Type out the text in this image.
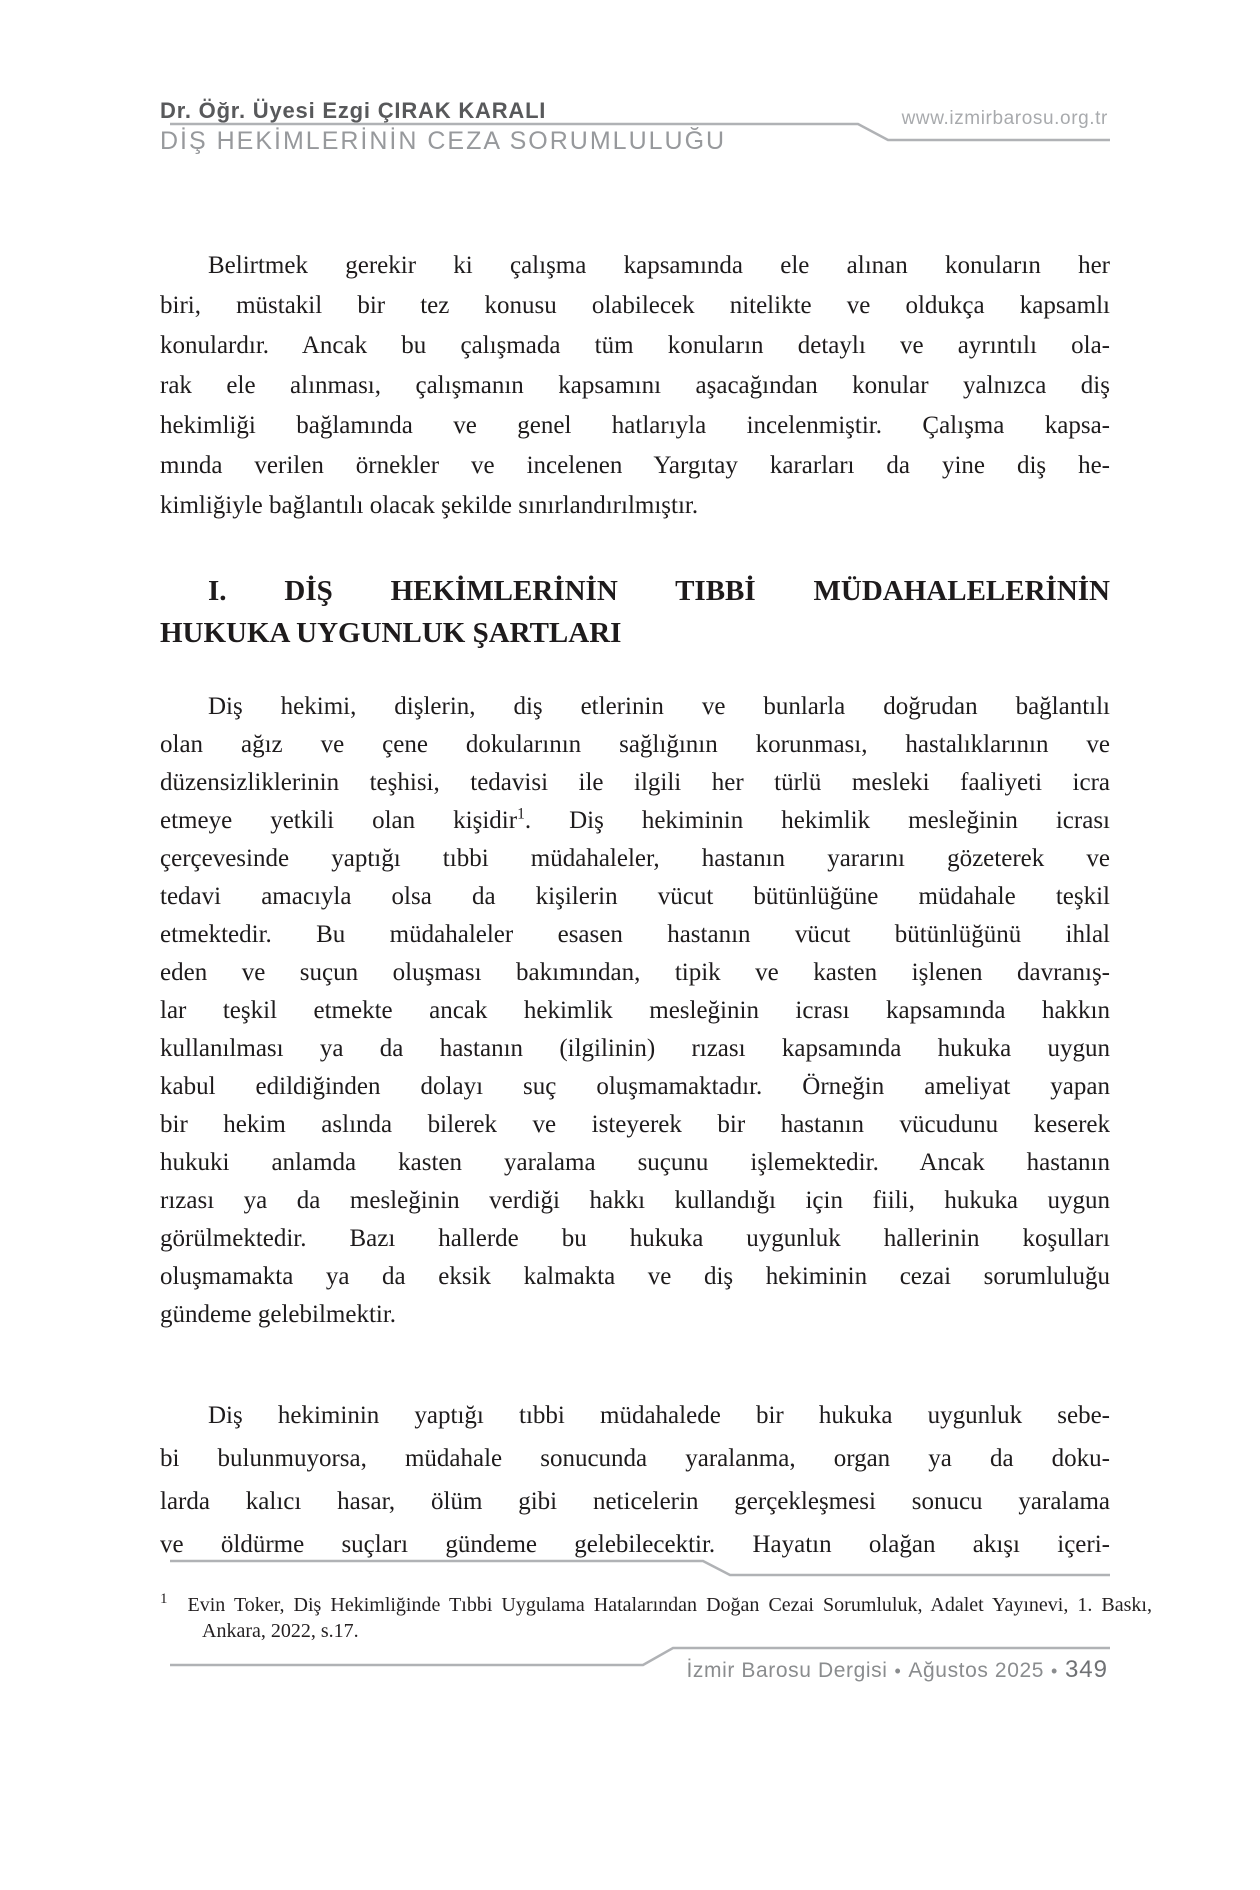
Dr. Öğr. Üyesi Ezgi ÇIRAK KARALI
DİŞ HEKİMLERİNİN CEZA SORUMLULUĞU
www.izmirbarosu.org.tr
Belirtmek gerekir ki çalışma kapsamında ele alınan konuların her
biri, müstakil bir tez konusu olabilecek nitelikte ve oldukça kapsamlı
konulardır. Ancak bu çalışmada tüm konuların detaylı ve ayrıntılı ola-
rak ele alınması, çalışmanın kapsamını aşacağından konular yalnızca diş
hekimliği bağlamında ve genel hatlarıyla incelenmiştir. Çalışma kapsa-
mında verilen örnekler ve incelenen Yargıtay kararları da yine diş he-
kimliğiyle bağlantılı olacak şekilde sınırlandırılmıştır.
I. DİŞ HEKİMLERİNİN TIBBİ MÜDAHALELERİNİN
HUKUKA UYGUNLUK ŞARTLARI
Diş hekimi, dişlerin, diş etlerinin ve bunlarla doğrudan bağlantılı
olan ağız ve çene dokularının sağlığının korunması, hastalıklarının ve
düzensizliklerinin teşhisi, tedavisi ile ilgili her türlü mesleki faaliyeti icra
etmeye yetkili olan kişidir$^1$. Diş hekiminin hekimlik mesleğinin icrası
çerçevesinde yaptığı tıbbi müdahaleler, hastanın yararını gözeterek ve
tedavi amacıyla olsa da kişilerin vücut bütünlüğüne müdahale teşkil
etmektedir. Bu müdahaleler esasen hastanın vücut bütünlüğünü ihlal
eden ve suçun oluşması bakımından, tipik ve kasten işlenen davranış-
lar teşkil etmekte ancak hekimlik mesleğinin icrası kapsamında hakkın
kullanılması ya da hastanın (ilgilinin) rızası kapsamında hukuka uygun
kabul edildiğinden dolayı suç oluşmamaktadır. Örneğin ameliyat yapan
bir hekim aslında bilerek ve isteyerek bir hastanın vücudunu keserek
hukuki anlamda kasten yaralama suçunu işlemektedir. Ancak hastanın
rızası ya da mesleğinin verdiği hakkı kullandığı için fiili, hukuka uygun
görülmektedir. Bazı hallerde bu hukuka uygunluk hallerinin koşulları
oluşmamakta ya da eksik kalmakta ve diş hekiminin cezai sorumluluğu
gündeme gelebilmektir.
Diş hekiminin yaptığı tıbbi müdahalede bir hukuka uygunluk sebe-
bi bulunmuyorsa, müdahale sonucunda yaralanma, organ ya da doku-
larda kalıcı hasar, ölüm gibi neticelerin gerçekleşmesi sonucu yaralama
ve öldürme suçları gündeme gelebilecektir. Hayatın olağan akışı içeri-
$^1$ Evin Toker, Diş Hekimliğinde Tıbbi Uygulama Hatalarından Doğan Cezai Sorumluluk, Adalet Yayınevi, 1. Baskı, Ankara, 2022, s.17.
İzmir Barosu Dergisi • Ağustos 2025 • 349
